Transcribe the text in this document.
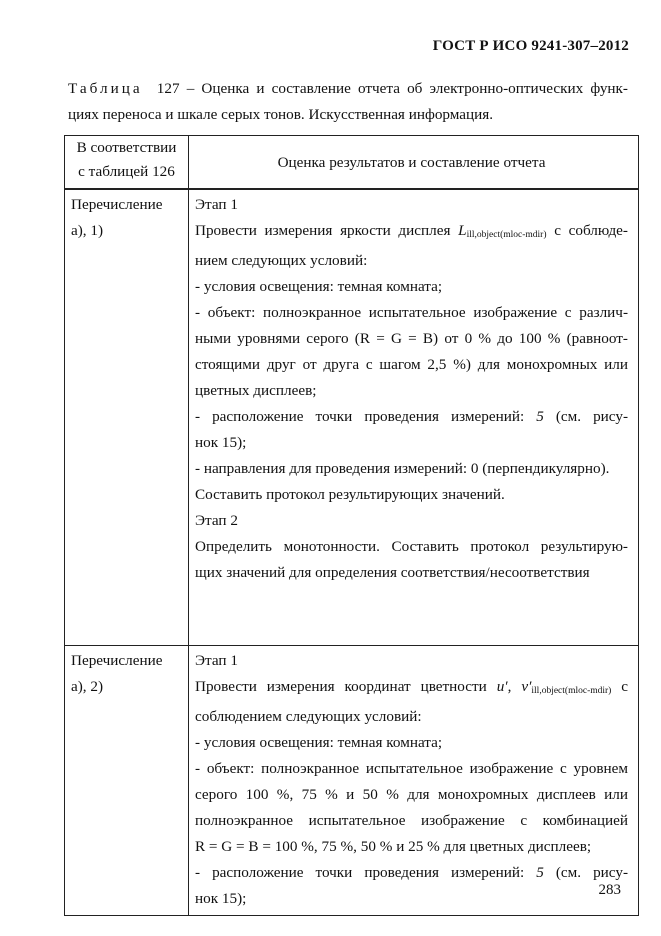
ГОСТ Р ИСО 9241-307–2012
Таблица 127 – Оценка и составление отчета об электронно-оптических функ-
циях переноса и шкале серых тонов. Искусственная информация.
В соответствии
с таблицей 126
Оценка результатов и составление отчета
Перечисление
а), 1)
Этап 1
Провести измерения яркости дисплея $L_{ill,object(mloc-mdir)}$ с соблюде-
нием следующих условий:
- условия освещения: темная комната;
- объект: полноэкранное испытательное изображение с различ-
ными уровнями серого (R = G = B) от 0 % до 100 % (равноот-
стоящими друг от друга с шагом 2,5 %) для монохромных или
цветных дисплеев;
- расположение точки проведения измерений: 5 (см. рису-
нок 15);
- направления для проведения измерений: 0 (перпендикулярно).
Составить протокол результирующих значений.
Этап 2
Определить монотонности. Составить протокол результирую-
щих значений для определения соответствия/несоответствия
Перечисление
а), 2)
Этап 1
Провести измерения координат цветности u′, $v'_{ill,object(mloc-mdir)}$ с
соблюдением следующих условий:
- условия освещения: темная комната;
- объект: полноэкранное испытательное изображение с уровнем
серого 100 %, 75 % и 50 % для монохромных дисплеев или
полноэкранное испытательное изображение с комбинацией
R = G = B = 100 %, 75 %, 50 % и 25 % для цветных дисплеев;
- расположение точки проведения измерений: 5 (см. рису-
нок 15);	283
